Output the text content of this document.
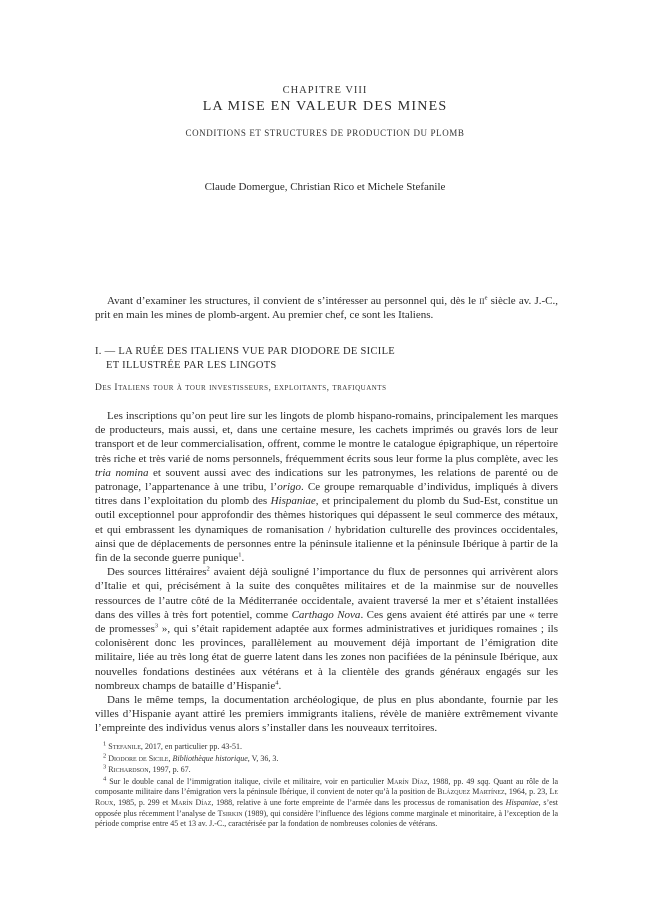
CHAPITRE VIII
LA MISE EN VALEUR DES MINES
CONDITIONS ET STRUCTURES DE PRODUCTION DU PLOMB
Claude Domergue, Christian Rico et Michele Stefanile

Avant d’examiner les structures, il convient de s’intéresser au personnel qui, dès le $ii^e$ siècle av. J.-C., prit en main les mines de plomb-argent. Au premier chef, ce sont les Italiens.

I. — LA RUÉE DES ITALIENS VUE PAR DIODORE DE SICILE
ET ILLUSTRÉE PAR LES LINGOTS
Des Italiens tour à tour investisseurs, exploitants, trafiquants

Les inscriptions qu’on peut lire sur les lingots de plomb hispano-romains, principalement les marques de producteurs, mais aussi, et, dans une certaine mesure, les cachets imprimés ou gravés lors de leur transport et de leur commercialisation, offrent, comme le montre le catalogue épigraphique, un répertoire très riche et très varié de noms personnels, fréquemment écrits sous leur forme la plus complète, avec les tria nomina et souvent aussi avec des indications sur les patronymes, les relations de parenté ou de patronage, l’appartenance à une tribu, l’origo. Ce groupe remarquable d’individus, impliqués à divers titres dans l’exploitation du plomb des Hispaniae, et principalement du plomb du Sud-Est, constitue un outil exceptionnel pour approfondir des thèmes historiques qui dépassent le seul commerce des métaux, et qui embrassent les dynamiques de romanisation / hybridation culturelle des provinces occidentales, ainsi que de déplacements de personnes entre la péninsule italienne et la péninsule Ibérique à partir de la fin de la seconde guerre punique$^1$.

Des sources littéraires$^2$ avaient déjà souligné l’importance du flux de personnes qui arrivèrent alors d’Italie et qui, précisément à la suite des conquêtes militaires et de la mainmise sur de nouvelles ressources de l’autre côté de la Méditerranée occidentale, avaient traversé la mer et s’étaient installées dans des villes à très fort potentiel, comme Carthago Nova. Ces gens avaient été attirés par une « terre de promesses$^3$ », qui s’était rapidement adaptée aux formes administratives et juridiques romaines ; ils colonisèrent donc les provinces, parallèlement au mouvement déjà important de l’émigration dite militaire, liée au très long état de guerre latent dans les zones non pacifiées de la péninsule Ibérique, aux nouvelles fondations destinées aux vétérans et à la clientèle des grands généraux engagés sur les nombreux champs de bataille d’Hispanie$^4$.

Dans le même temps, la documentation archéologique, de plus en plus abondante, fournie par les villes d’Hispanie ayant attiré les premiers immigrants italiens, révèle de manière extrêmement vivante l’empreinte des individus venus alors s’installer dans les nouveaux territoires.

$^1$ Stefanile, 2017, en particulier pp. 43-51.

$^2$ Diodore de Sicile, Bibliothèque historique, V, 36, 3.

$^3$ Richardson, 1997, p. 67.

$^4$ Sur le double canal de l’immigration italique, civile et militaire, voir en particulier Marín Díaz, 1988, pp. 49 sqq. Quant au rôle de la composante militaire dans l’émigration vers la péninsule Ibérique, il convient de noter qu’à la position de Blázquez Martínez, 1964, p. 23, Le Roux, 1985, p. 299 et Marín Díaz, 1988, relative à une forte empreinte de l’armée dans les processus de romanisation des Hispaniae, s’est opposée plus récemment l’analyse de Tsirkin (1989), qui considère l’influence des légions comme marginale et minoritaire, à l’exception de la période comprise entre 45 et 13 av. J.-C., caractérisée par la fondation de nombreuses colonies de vétérans.
